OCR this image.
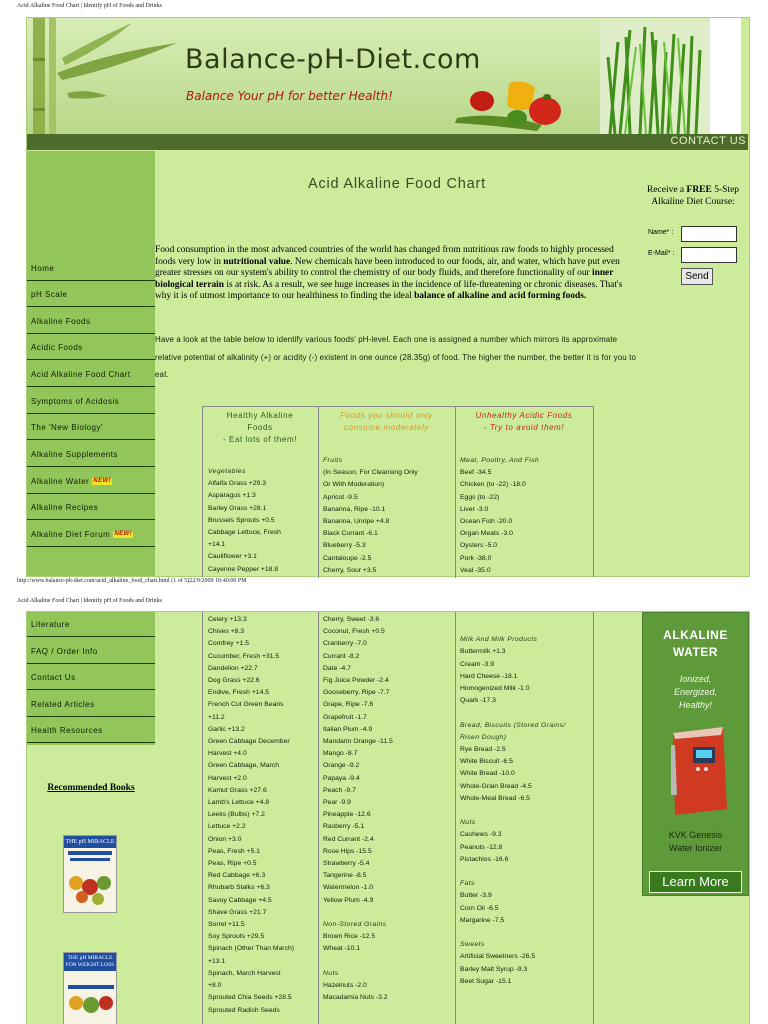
Acid Alkaline Food Chart | Identify pH of Foods and Drinks
Balance-pH-Diet.com
Balance Your pH for better Health!
CONTACT US
Home
pH Scale
Alkaline Foods
Acidic Foods
Acid Alkaline Food Chart
Symptoms of Acidosis
The 'New Biology'
Alkaline Supplements
Alkaline Water NEW!
Alkaline Recipes
Alkaline Diet Forum NEW!
Acid Alkaline Food Chart	Receive a FREE 5-Step
Alkaline Diet Course:
Name* :
E-Mail* :
Send
Food consumption in the most advanced countries of the world has changed from nutritious raw foods to highly processed foods very low in nutritional value. New chemicals have been introduced to our foods, air, and water, which have put even greater stresses on our system's ability to control the chemistry of our body fluids, and therefore functionality of our inner biological terrain is at risk. As a result, we see huge increases in the incidence of life-threatening or chronic diseases. That's why it is of utmost importance to our healthiness to finding the ideal balance of alkaline and acid forming foods.
Have a look at the table below to identify various foods' pH-level. Each one is assigned a number which mirrors its approximate relative potential of alkalinity (+) or acidity (-) existent in one ounce (28.35g) of food. The higher the number, the better it is for you to eat.
Healthy Alkaline
Foods
- Eat lots of them!
Foods you should only
consume moderately
Unhealthy Acidic Foods
- Try to avoid them!
Vegetables
Alfalfa Grass +29.3
Asparagus +1.3
Barley Grass +28.1
Brussels Sprouts +0.5
Cabbage Lettuce, Fresh
+14.1
Cauliflower +3.1
Cayenne Pepper +18.8
Fruits
(In Season, For Cleansing Only
Or With Moderation)
Apricot -9.5
Bananna, Ripe -10.1
Bananna, Unripe +4.8
Black Currant -6.1
Blueberry -5.3
Cantaloupe -2.5
Cherry, Sour +3.5
Meat, Poultry, And Fish
Beef -34.5
Chicken (to -22) -18.0
Eggs (to -22)
Liver -3.0
Ocean Fish -20.0
Organ Meats -3.0
Oysters -5.0
Pork -38.0
Veal -35.0
http://www.balance-ph-diet.com/acid_alkaline_food_chart.html (1 of 5)22/9/2009 10:40:00 PM
Acid Alkaline Food Chart | Identify pH of Foods and Drinks
Literature
FAQ / Order Info
Contact Us
Related Articles
Health Resources
Recommended Books
THE pH MIRACLE
THE pH MIRACLE
FOR WEIGHT LOSS
Celery +13.3
Chives +8.3
Comfrey +1.5
Cucumber, Fresh +31.5
Dandelion +22.7
Dog Grass +22.6
Endive, Fresh +14.5
French Cut Green Beans
+11.2
Garlic +13.2
Green Cabbage December
Harvest +4.0
Green Cabbage, March
Harvest +2.0
Kamut Grass +27.6
Lamb's Lettuce +4.8
Leeks (Bulbs) +7.2
Lettuce +2.2
Onion +3.0
Peas, Fresh +5.1
Peas, Ripe +0.5
Red Cabbage +6.3
Rhubarb Stalks +6.3
Savoy Cabbage +4.5
Shave Grass +21.7
Sorrel +11.5
Soy Sprouts +29.5
Spinach (Other Than March)
+13.1
Spinach, March Harvest
+8.0
Sprouted Chia Seeds +28.5
Sprouted Radish Seeds
Cherry, Sweet -3.6
Coconut, Fresh +0.5
Cranberry -7.0
Currant -8.2
Date -4.7
Fig Juice Powder -2.4
Gooseberry, Ripe -7.7
Grape, Ripe -7.6
Grapefruit -1.7
Italian Plum -4.9
Mandarin Orange -11.5
Mango -8.7
Orange -9.2
Papaya -9.4
Peach -9.7
Pear -9.9
Pineapple -12.6
Rasberry -5.1
Red Currant -2.4
Rose Hips -15.5
Strawberry -5.4
Tangerine -8.5
Watermelon -1.0
Yellow Plum -4.9

Non-Stored Grains
Brown Rice -12.5
Wheat -10.1

Nuts
Hazelnuts -2.0
Macadamia Nuts -3.2

Milk And Milk Products
Buttermilk +1.3
Cream -3.9
Hard Cheese -18.1
Homogenized Milk -1.0
Quark -17.3

Bread, Biscuits (Stored Grains/
Risen Dough)
Rye Bread -2.5
White Biscuit -6.5
White Bread -10.0
Whole-Grain Bread -4.5
Whole-Meal Bread -6.5

Nuts
Cashews -9.3
Peanuts -12.8
Pistachios -16.6

Fats
Butter -3.9
Corn Oil -6.5
Margarine -7.5

Sweets
Artificial Sweetners -26.5
Barley Malt Syrup -9.3
Beet Sugar -15.1
ALKALINE
WATER
Ionized,
Energized,
Healthy!
KVK Genesis
Water Ionizer
Learn More
